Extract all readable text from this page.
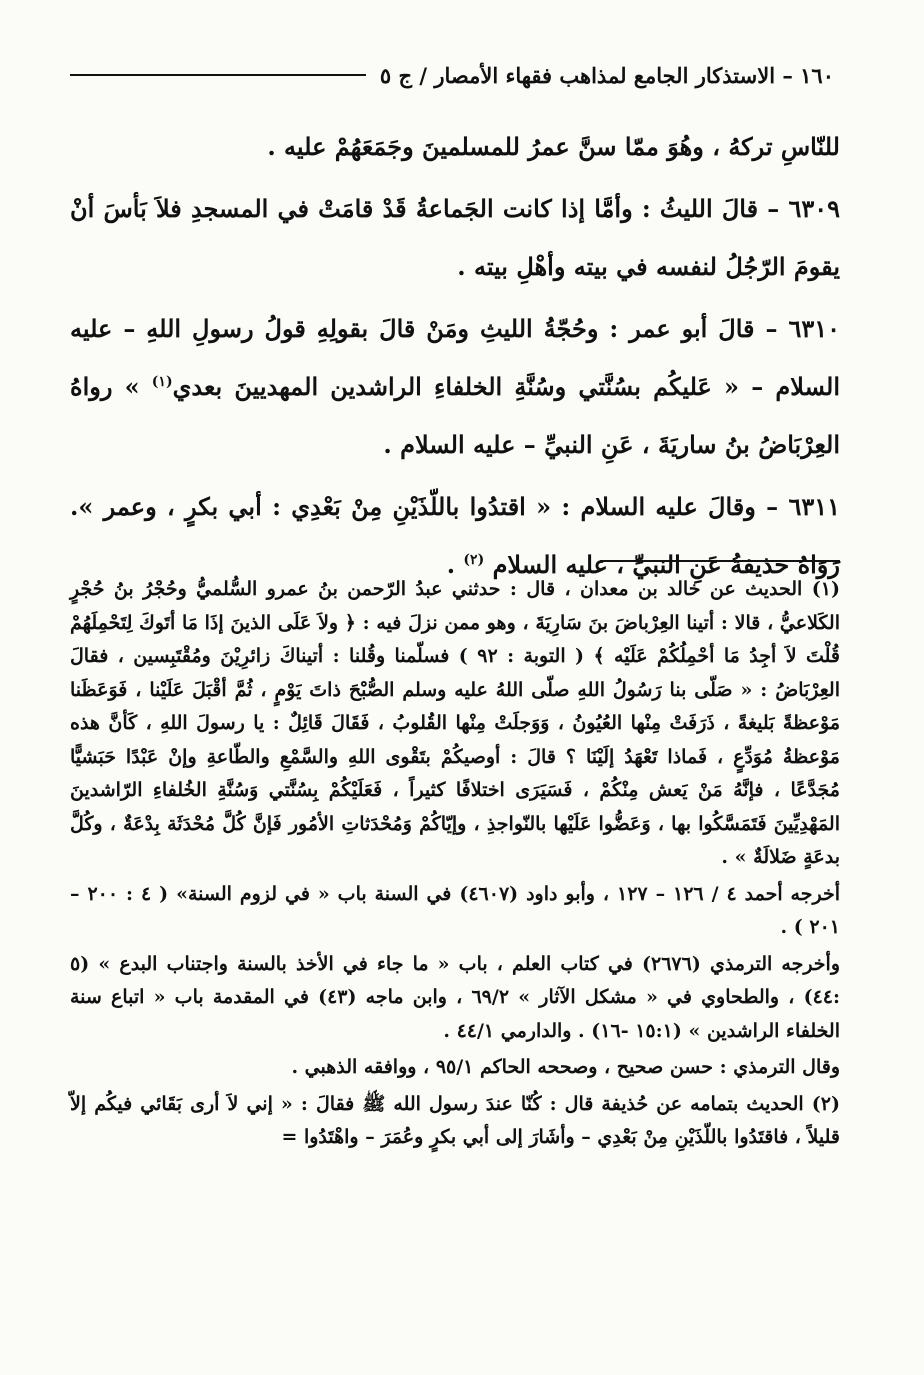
١٦٠ – الاستذكار الجامع لمذاهب فقهاء الأمصار / ج ٥

للنّاسِ تركهُ ، وهُوَ ممّا سنَّ عمرُ للمسلمينَ وجَمَعَهُمْ عليه .

٦٣٠٩ – قالَ الليثُ : وأمَّا إذا كانت الجَماعةُ قَدْ قامَتْ في المسجدِ فلاَ بَأسَ أنْ يقومَ الرّجُلُ لنفسه في بيته وأهْلِ بيته .

٦٣١٠ – قالَ أبو عمر : وحُجّةُ الليثِ ومَنْ قالَ بقولِهِ قولُ رسولِ اللهِ – عليه السلام – « عَليكُم بسُنَّتي وسُنَّةِ الخلفاءِ الراشدين المهديينَ بعدي$^{(١)}$ » رواهُ العِرْبَاضُ بنُ ساريَةَ ، عَنِ النبيِّ – عليه السلام .

٦٣١١ – وقالَ عليه السلام : « اقتدُوا باللّذَيْنِ مِنْ بَعْدِي : أبي بكرٍ ، وعمر ». رَوَاهُ حذيفةُ عَنِ النبيِّ ، عليه السلام $^{(٢)}$ .

(١) الحديث عن خالد بن معدان ، قال : حدثني عبدُ الرّحمن بنُ عمرو السُّلميُّ وحُجْرُ بنُ حُجْرٍ الكَلاعيُّ ، قالا : أتينا العِرْباضَ بنَ سَارِيَةَ ، وهو ممن نزلَ فيه : ﴿ ولاَ عَلَى الذينَ إذَا مَا أتَوكَ لِتَحْمِلَهُمْ قُلْتَ لاَ أجِدُ مَا أحْمِلُكُمْ عَلَيْه ﴾ ( التوبة : ٩٢ ) فسلّمنا وقُلنا : أتيناكَ زائرِيْنَ ومُقْتَبِسين ، فقالَ العِرْبَاضُ : « صَلّى بنا رَسُولُ اللهِ صلّى اللهُ عليه وسلم الصُّبْحَ ذاتَ يَوْمٍ ، ثُمَّ أقْبَلَ عَلَيْنا ، فَوَعَظَنا مَوْعظةً بَليغةً ، ذَرَفَتْ مِنْها العُيُونُ ، وَوَجلَتْ مِنْها القُلوبُ ، فَقَالَ قَائِلٌ : يا رسولَ اللهِ ، كَأنَّ هذه مَوْعظةُ مُوَدِّعٍ ، فَماذا تَعْهَدُ إلَيْنَا ؟ قالَ : أوصيكُمْ بتَقْوى اللهِ والسَّمْعِ والطّاعةِ وإنْ عَبْدًا حَبَشيًّا مُجَدَّعًا ، فإنَّهُ مَنْ يَعش مِنْكُمْ ، فَسَيَرَى اختلافًا كثيراً ، فَعَلَيْكُمْ بِسُنَّتي وَسُنَّةِ الخُلفاءِ الرّاشدينَ المَهْدِيِّينَ فَتَمَسَّكُوا بها ، وَعَضُّوا عَلَيْها بالنّواجذِ ، وإيّاكُمْ وَمُحْدَثاتِ الأمُور فَإنَّ كُلَّ مُحْدَثَة بِدْعَةٌ ، وكُلَّ بدعَةٍ ضَلالَةٌ » .

أخرجه أحمد ٤ / ١٢٦ – ١٢٧ ، وأبو داود (٤٦٠٧) في السنة باب « في لزوم السنة» ( ٤ : ٢٠٠ – ٢٠١ ) .

وأخرجه الترمذي (٢٦٧٦) في كتاب العلم ، باب « ما جاء في الأخذ بالسنة واجتناب البدع » (٥ :٤٤) ، والطحاوي في « مشكل الآثار » ٦٩/٢ ، وابن ماجه (٤٣) في المقدمة باب « اتباع سنة الخلفاء الراشدين » (١٥:١ -١٦) . والدارمي ٤٤/١ .

وقال الترمذي : حسن صحيح ، وصححه الحاكم ٩٥/١ ، ووافقه الذهبي .

(٢) الحديث بتمامه عن حُذيفة قال : كُنّا عندَ رسول الله ﷺ فقالَ : « إني لاَ أرى بَقَائي فيكُم إلاّ قليلاً ، فاقتَدُوا باللّذَيْنِ مِنْ بَعْدِي – وأشَارَ إلى أبي بكرٍ وعُمَرَ – واهْتَدُوا =
